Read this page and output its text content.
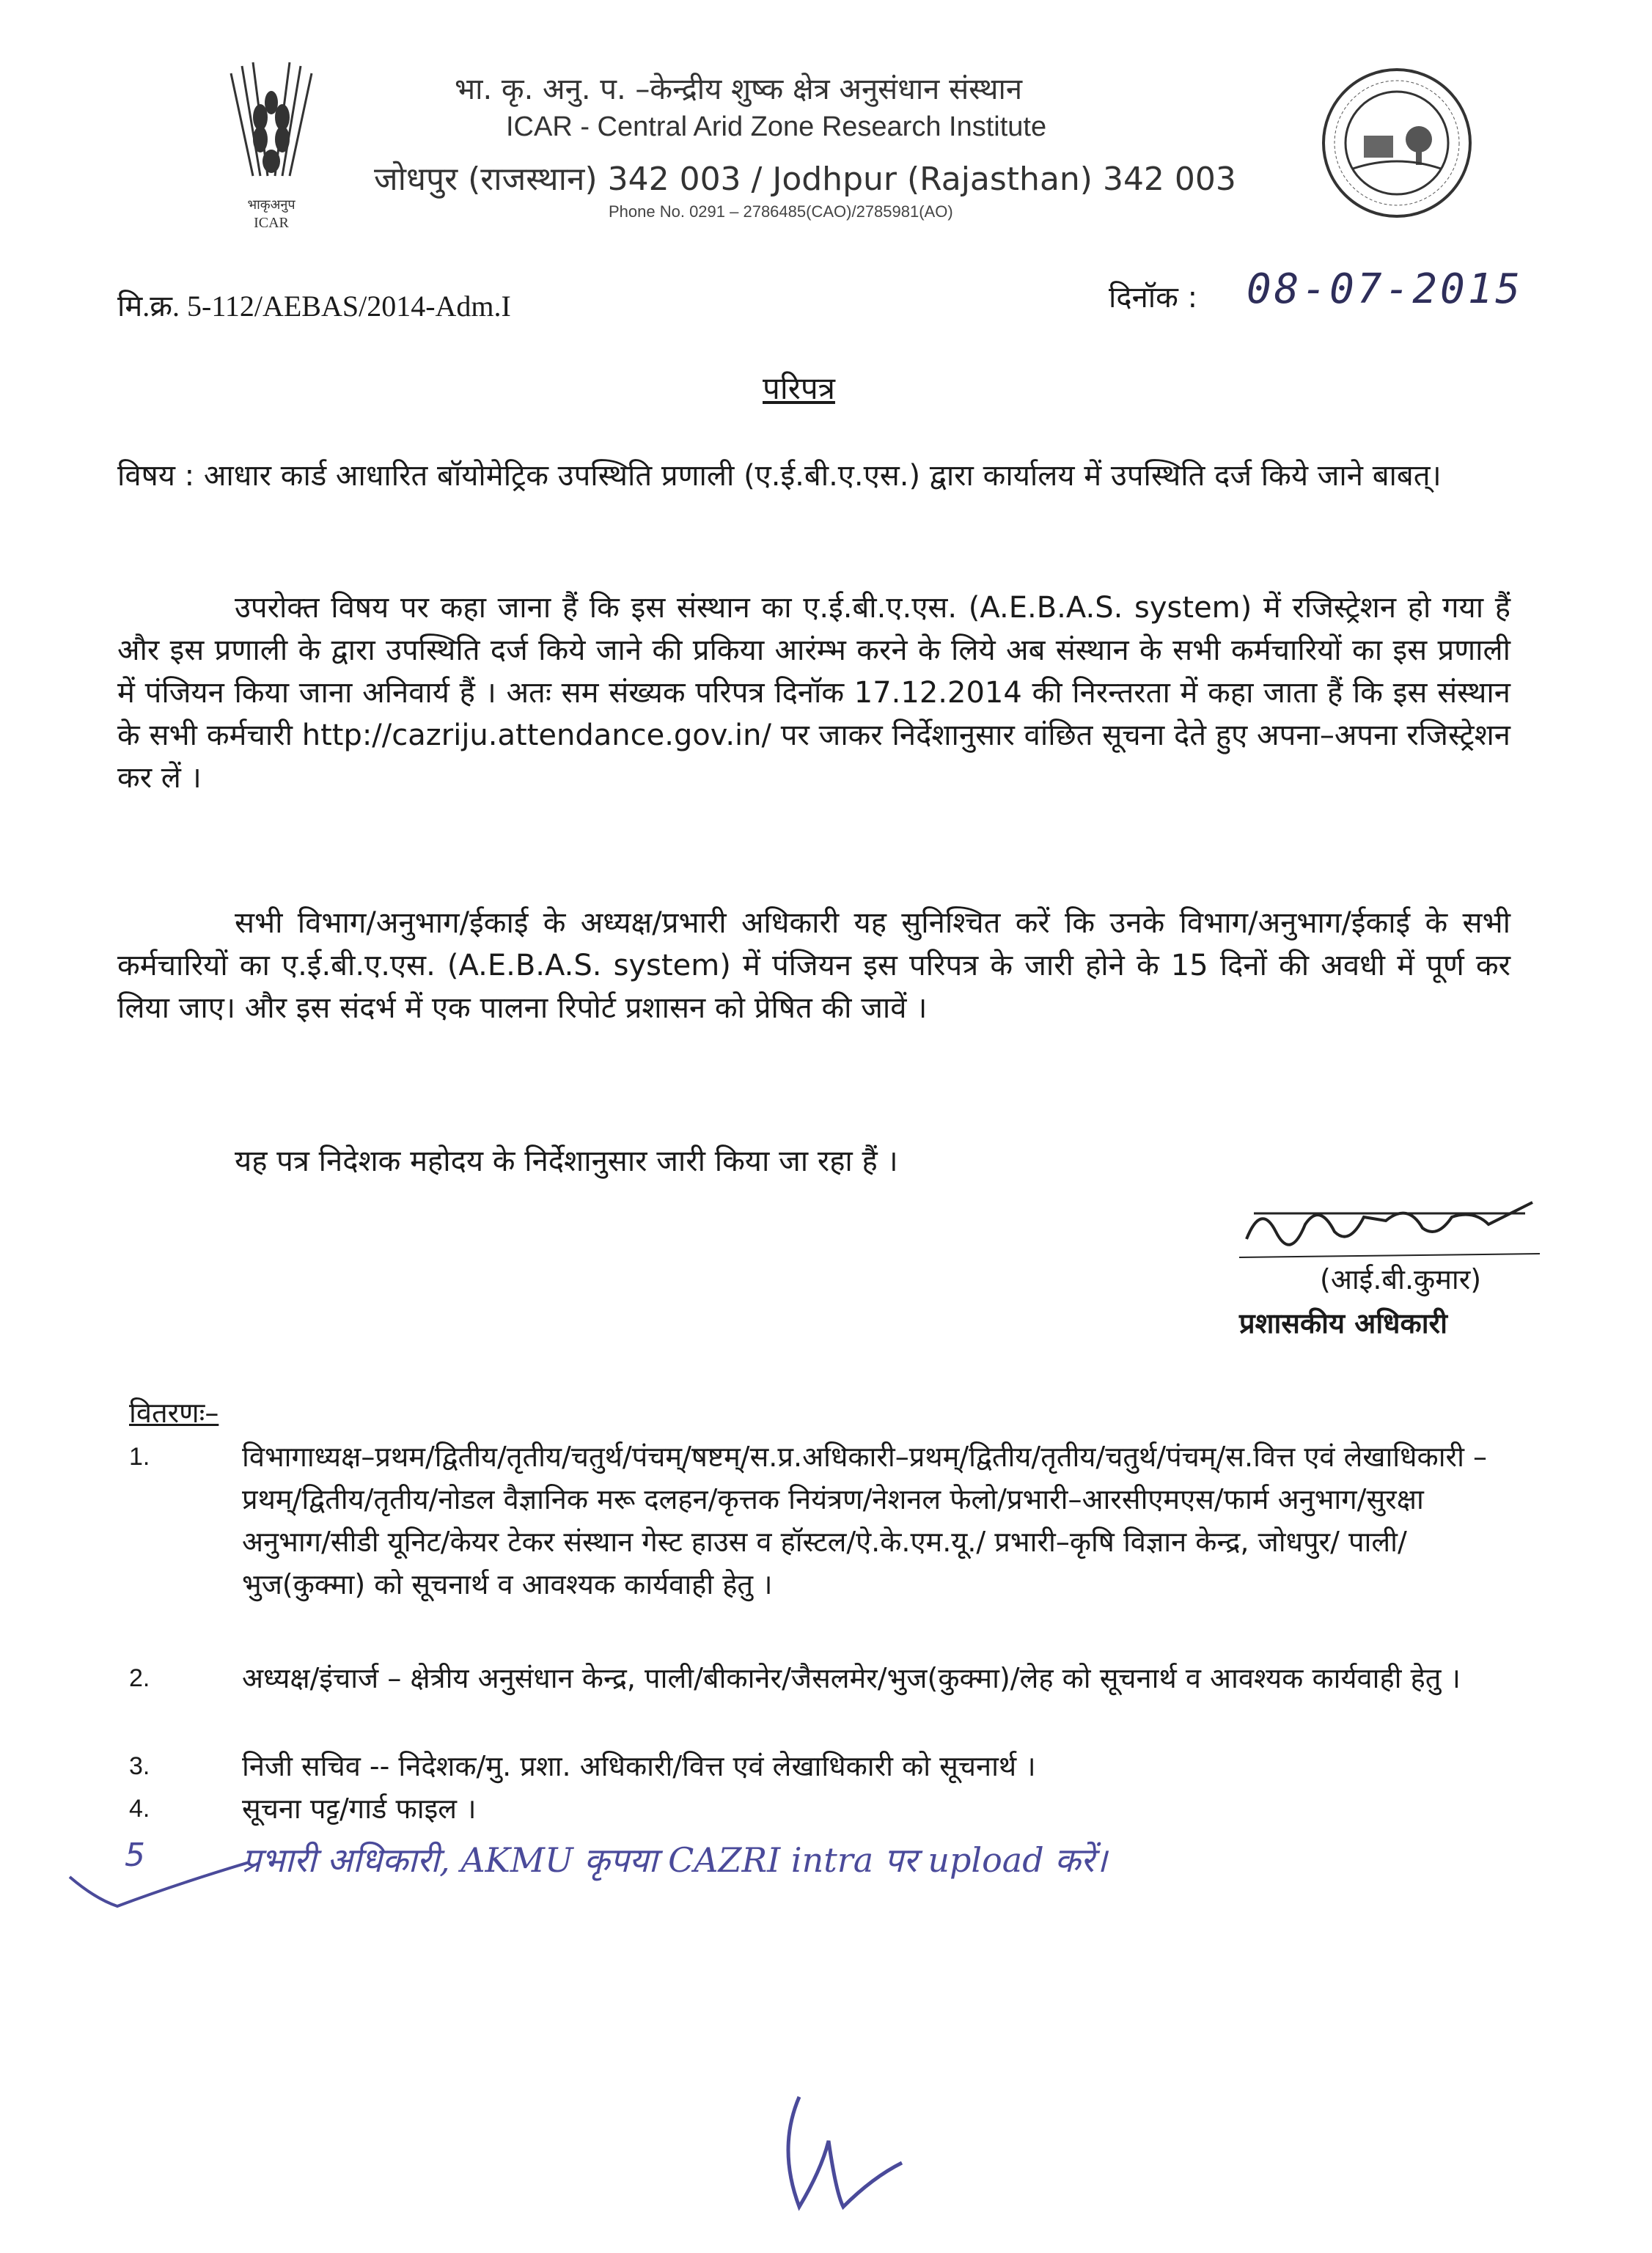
भाकृअनुप
ICAR
भा. कृ. अनु. प. –केन्द्रीय शुष्क क्षेत्र अनुसंधान संस्थान
ICAR - Central Arid Zone Research Institute
जोधपुर (राजस्थान) 342 003 / Jodhpur (Rajasthan) 342 003
Phone No. 0291 – 2786485(CAO)/2785981(AO)
मि.क्र. 5-112/AEBAS/2014-Adm.I	दिनॉक : 08-07-2015
परिपत्र
विषय : आधार कार्ड आधारित बॉयोमेट्रिक उपस्थिति प्रणाली (ए.ई.बी.ए.एस.) द्वारा कार्यालय में उपस्थिति दर्ज किये जाने बाबत्।
उपरोक्त विषय पर कहा जाना हैं कि इस संस्थान का ए.ई.बी.ए.एस. (A.E.B.A.S. system) में रजिस्ट्रेशन हो गया हैं और इस प्रणाली के द्वारा उपस्थिति दर्ज किये जाने की प्रकिया आरंम्भ करने के लिये अब संस्थान के सभी कर्मचारियों का इस प्रणाली में पंजियन किया जाना अनिवार्य हैं । अतः सम संख्यक परिपत्र दिनॉक 17.12.2014 की निरन्तरता में कहा जाता हैं कि इस संस्थान के सभी कर्मचारी http://cazriju.attendance.gov.in/ पर जाकर निर्देशानुसार वांछित सूचना देते हुए अपना–अपना रजिस्ट्रेशन कर लें ।
सभी विभाग/अनुभाग/ईकाई के अध्यक्ष/प्रभारी अधिकारी यह सुनिश्चित करें कि उनके विभाग/अनुभाग/ईकाई के सभी कर्मचारियों का ए.ई.बी.ए.एस. (A.E.B.A.S. system) में पंजियन इस परिपत्र के जारी होने के 15 दिनों की अवधी में पूर्ण कर लिया जाए। और इस संदर्भ में एक पालना रिपोर्ट प्रशासन को प्रेषित की जावें ।
यह पत्र निदेशक महोदय के निर्देशानुसार जारी किया जा रहा हैं ।
(आई.बी.कुमार)
प्रशासकीय अधिकारी
वितरणः–
1.	विभागाध्यक्ष–प्रथम/द्वितीय/तृतीय/चतुर्थ/पंचम्/षष्टम्/स.प्र.अधिकारी–प्रथम्/द्वितीय/तृतीय/चतुर्थ/पंचम्/स.वित्त एवं लेखाधिकारी –प्रथम्/द्वितीय/तृतीय/नोडल वैज्ञानिक मरू दलहन/कृत्तक नियंत्रण/नेशनल फेलो/प्रभारी–आरसीएमएस/फार्म अनुभाग/सुरक्षा अनुभाग/सीडी यूनिट/केयर टेकर संस्थान गेस्ट हाउस व हॉस्टल/ऐ.के.एम.यू./ प्रभारी–कृषि विज्ञान केन्द्र, जोधपुर/ पाली/भुज(कुक्मा) को सूचनार्थ व आवश्यक कार्यवाही हेतु ।
2.	अध्यक्ष/इंचार्ज – क्षेत्रीय अनुसंधान केन्द्र, पाली/बीकानेर/जैसलमेर/भुज(कुक्मा)/लेह को सूचनार्थ व आवश्यक कार्यवाही हेतु ।
3.	निजी सचिव -- निदेशक/मु. प्रशा. अधिकारी/वित्त एवं लेखाधिकारी को सूचनार्थ ।
4.	सूचना पट्ट/गार्ड फाइल ।
5	प्रभारी अधिकारी, AKMU कृपया CAZRI intra पर upload करें।
